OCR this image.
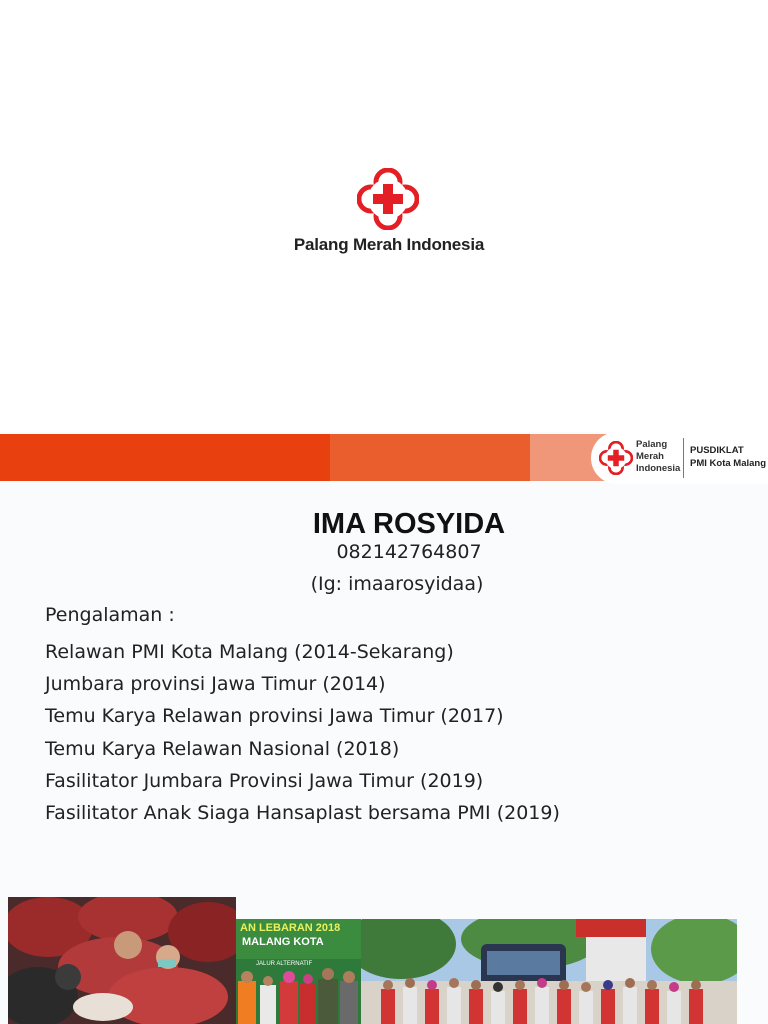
Palang Merah Indonesia
Palang
Merah
Indonesia
PUSDIKLAT
PMI Kota Malang
IMA ROSYIDA
082142764807
(Ig: imaarosyidaa)
Pengalaman :
Relawan PMI Kota Malang (2014-Sekarang)
Jumbara provinsi Jawa Timur (2014)
Temu Karya Relawan provinsi Jawa Timur (2017)
Temu Karya Relawan Nasional (2018)
Fasilitator Jumbara Provinsi Jawa Timur (2019)
Fasilitator Anak Siaga Hansaplast bersama PMI (2019)
AN LEBARAN 2018
MALANG KOTA
JALUR ALTERNATIF
